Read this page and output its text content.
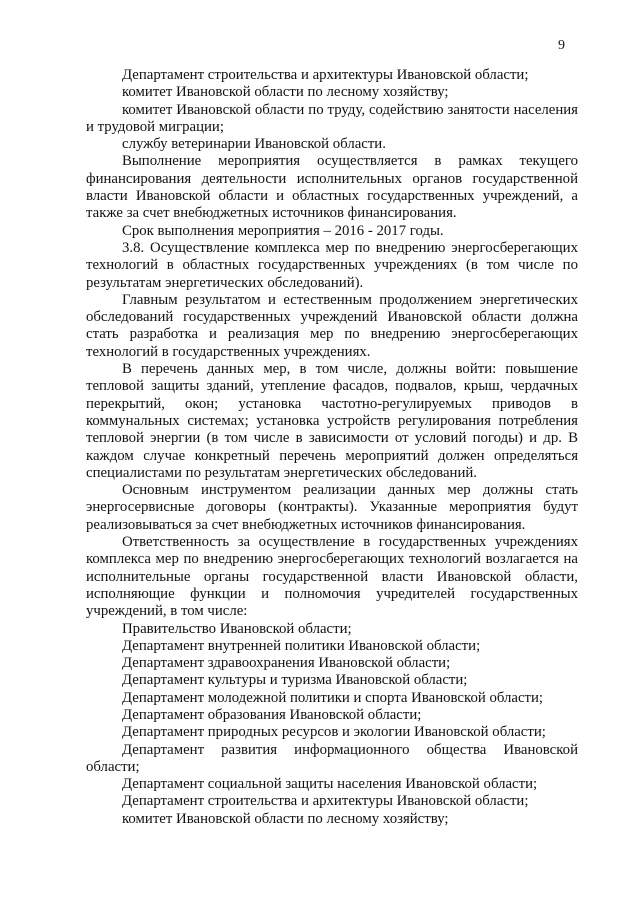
9

Департамент строительства и архитектуры Ивановской области;

комитет Ивановской области по лесному хозяйству;

комитет Ивановской области по труду, содействию занятости населения и трудовой миграции;

службу ветеринарии Ивановской области.

Выполнение мероприятия осуществляется в рамках текущего финансирования деятельности исполнительных органов государственной власти Ивановской области и областных государственных учреждений, а также за счет внебюджетных источников финансирования.

Срок выполнения мероприятия – 2016 - 2017 годы.

3.8. Осуществление комплекса мер по внедрению энергосберегающих технологий в областных государственных учреждениях (в том числе по результатам энергетических обследований).

Главным результатом и естественным продолжением энергетических обследований государственных учреждений Ивановской области должна стать разработка и реализация мер по внедрению энергосберегающих технологий в государственных учреждениях.

В перечень данных мер, в том числе, должны войти: повышение тепловой защиты зданий, утепление фасадов, подвалов, крыш, чердачных перекрытий, окон; установка частотно-регулируемых приводов в коммунальных системах; установка устройств регулирования потребления тепловой энергии (в том числе в зависимости от условий погоды) и др. В каждом случае конкретный перечень мероприятий должен определяться специалистами по результатам энергетических обследований.

Основным инструментом реализации данных мер должны стать энергосервисные договоры (контракты). Указанные мероприятия будут реализовываться за счет внебюджетных источников финансирования.

Ответственность за осуществление в государственных учреждениях комплекса мер по внедрению энергосберегающих технологий возлагается на исполнительные органы государственной власти Ивановской области, исполняющие функции и полномочия учредителей государственных учреждений, в том числе:

Правительство Ивановской области;

Департамент внутренней политики Ивановской области;

Департамент здравоохранения Ивановской области;

Департамент культуры и туризма Ивановской области;

Департамент молодежной политики и спорта Ивановской области;

Департамент образования Ивановской области;

Департамент природных ресурсов и экологии Ивановской области;

Департамент развития информационного общества Ивановской области;

Департамент социальной защиты населения Ивановской области;

Департамент строительства и архитектуры Ивановской области;

комитет Ивановской области по лесному хозяйству;
